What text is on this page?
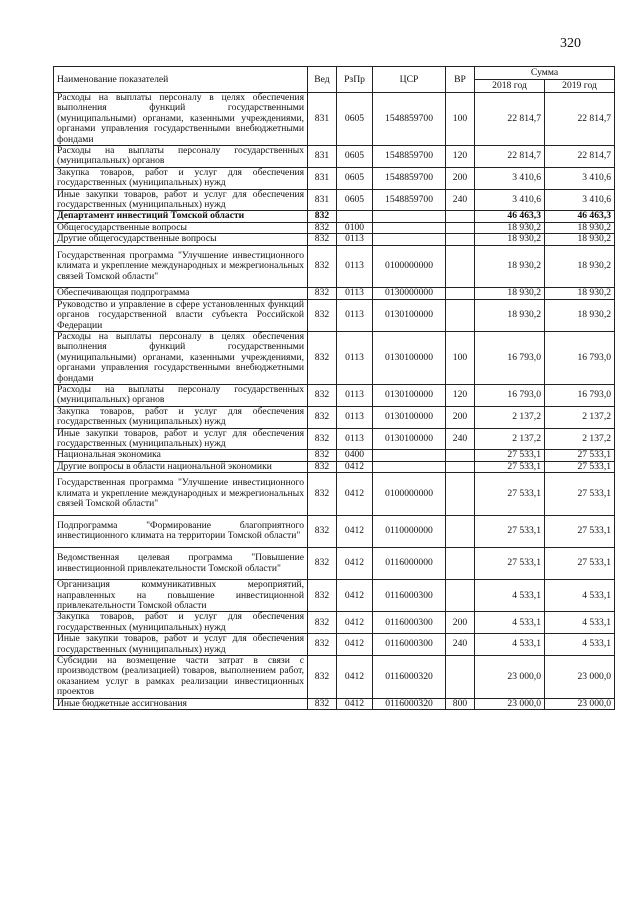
320
Наименование показателей	Вед	РзПр	ЦСР	ВР	Сумма	
					2018 год	2019 год
Расходы на выплаты персоналу в целях обеспечения выполнения функций государственными (муниципальными) органами, казенными учреждениями, органами управления государственными внебюджетными фондами	831	0605	1548859700	100	22 814,7	22 814,7
Расходы на выплаты персоналу государственных (муниципальных) органов	831	0605	1548859700	120	22 814,7	22 814,7
Закупка товаров, работ и услуг для обеспечения государственных (муниципальных) нужд	831	0605	1548859700	200	3 410,6	3 410,6
Иные закупки товаров, работ и услуг для обеспечения государственных (муниципальных) нужд	831	0605	1548859700	240	3 410,6	3 410,6
Департамент инвестиций Томской области	832				46 463,3	46 463,3
Общегосударственные вопросы	832	0100			18 930,2	18 930,2
Другие общегосударственные вопросы	832	0113			18 930,2	18 930,2
Государственная программа "Улучшение инвестиционного климата и укрепление международных и межрегиональных связей Томской области"	832	0113	0100000000		18 930,2	18 930,2
Обеспечивающая подпрограмма	832	0113	0130000000		18 930,2	18 930,2
Руководство и управление в сфере установленных функций органов государственной власти субъекта Российской Федерации	832	0113	0130100000		18 930,2	18 930,2
Расходы на выплаты персоналу в целях обеспечения выполнения функций государственными (муниципальными) органами, казенными учреждениями, органами управления государственными внебюджетными фондами	832	0113	0130100000	100	16 793,0	16 793,0
Расходы на выплаты персоналу государственных (муниципальных) органов	832	0113	0130100000	120	16 793,0	16 793,0
Закупка товаров, работ и услуг для обеспечения государственных (муниципальных) нужд	832	0113	0130100000	200	2 137,2	2 137,2
Иные закупки товаров, работ и услуг для обеспечения государственных (муниципальных) нужд	832	0113	0130100000	240	2 137,2	2 137,2
Национальная экономика	832	0400			27 533,1	27 533,1
Другие вопросы в области национальной экономики	832	0412			27 533,1	27 533,1
Государственная программа "Улучшение инвестиционного климата и укрепление международных и межрегиональных связей Томской области"	832	0412	0100000000		27 533,1	27 533,1
Подпрограмма "Формирование благоприятного инвестиционного климата на территории Томской области"	832	0412	0110000000		27 533,1	27 533,1
Ведомственная целевая программа "Повышение инвестиционной привлекательности Томской области"	832	0412	0116000000		27 533,1	27 533,1
Организация коммуникативных мероприятий, направленных на повышение инвестиционной привлекательности Томской области	832	0412	0116000300		4 533,1	4 533,1
Закупка товаров, работ и услуг для обеспечения государственных (муниципальных) нужд	832	0412	0116000300	200	4 533,1	4 533,1
Иные закупки товаров, работ и услуг для обеспечения государственных (муниципальных) нужд	832	0412	0116000300	240	4 533,1	4 533,1
Субсидии на возмещение части затрат в связи с производством (реализацией) товаров, выполнением работ, оказанием услуг в рамках реализации инвестиционных проектов	832	0412	0116000320		23 000,0	23 000,0
Иные бюджетные ассигнования	832	0412	0116000320	800	23 000,0	23 000,0
